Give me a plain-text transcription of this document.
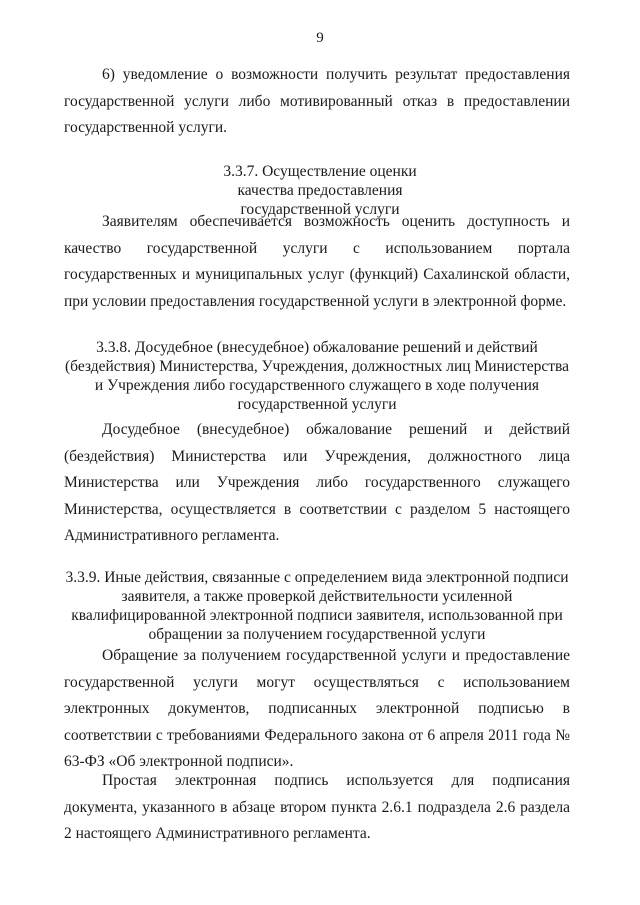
9
6) уведомление о возможности получить результат предоставления государственной услуги либо мотивированный отказ в предоставлении государственной услуги.
3.3.7. Осуществление оценки качества предоставления государственной услуги
Заявителям обеспечивается возможность оценить доступность и качество государственной услуги с использованием портала государственных и муниципальных услуг (функций) Сахалинской области, при условии предоставления государственной услуги в электронной форме.
3.3.8. Досудебное (внесудебное) обжалование решений и действий (бездействия) Министерства, Учреждения, должностных лиц Министерства и Учреждения либо государственного служащего в ходе получения государственной услуги
Досудебное (внесудебное) обжалование решений и действий (бездействия) Министерства или Учреждения, должностного лица Министерства или Учреждения либо государственного служащего Министерства, осуществляется в соответствии с разделом 5 настоящего Административного регламента.
3.3.9. Иные действия, связанные с определением вида электронной подписи заявителя, а также проверкой действительности усиленной квалифицированной электронной подписи заявителя, использованной при обращении за получением государственной услуги
Обращение за получением государственной услуги и предоставление государственной услуги могут осуществляться с использованием электронных документов, подписанных электронной подписью в соответствии с требованиями Федерального закона от 6 апреля 2011 года № 63-ФЗ «Об электронной подписи».
Простая электронная подпись используется для подписания документа, указанного в абзаце втором пункта 2.6.1 подраздела 2.6 раздела 2 настоящего Административного регламента.
